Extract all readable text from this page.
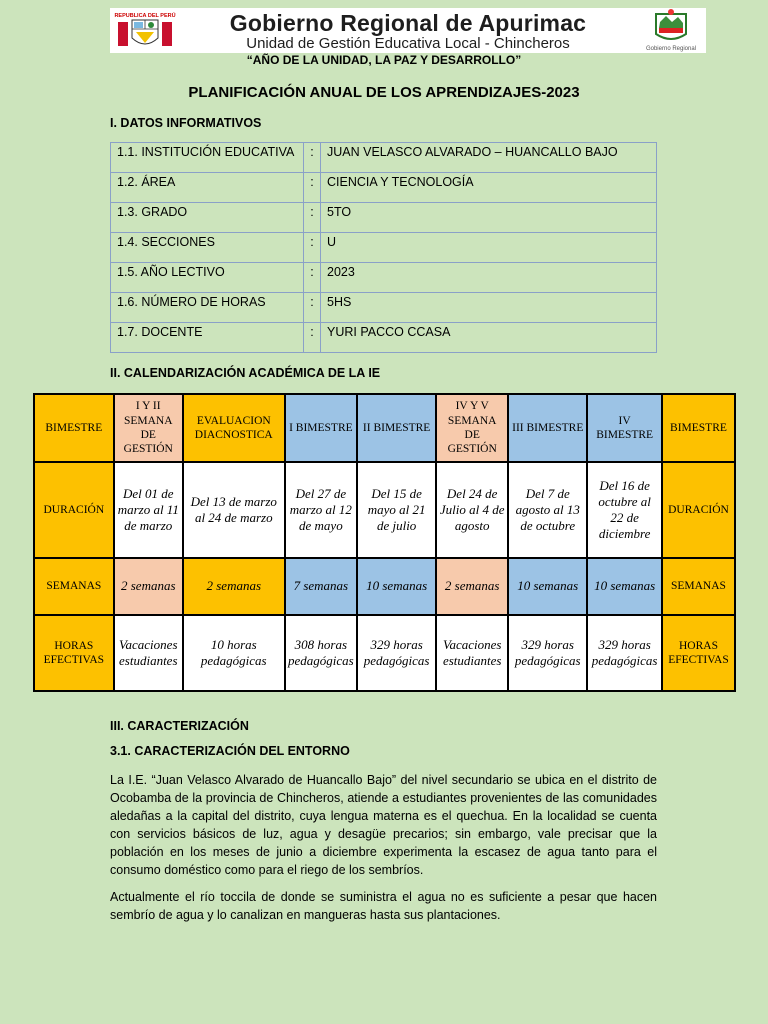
REPUBLICA DEL PERÚ	Gobierno Regional de Apurimac
Unidad de Gestión Educativa Local - Chincheros	Gobierno Regional
“AÑO DE LA UNIDAD, LA PAZ Y DESARROLLO”
PLANIFICACIÓN ANUAL DE LOS APRENDIZAJES-2023
I. DATOS INFORMATIVOS
1.1. INSTITUCIÓN EDUCATIVA	:	JUAN VELASCO ALVARADO – HUANCALLO BAJO
1.2. ÁREA	:	CIENCIA Y TECNOLOGÍA
1.3. GRADO	:	5TO
1.4. SECCIONES	:	U
1.5. AÑO LECTIVO	:	2023
1.6. NÚMERO DE HORAS	:	5HS
1.7. DOCENTE	:	YURI PACCO CCASA
II. CALENDARIZACIÓN ACADÉMICA DE LA IE
BIMESTRE	I Y II SEMANA DE GESTIÓN	EVALUACION DIACNOSTICA	I BIMESTRE	II BIMESTRE	IV Y V SEMANA DE GESTIÓN	III BIMESTRE	IV BIMESTRE	BIMESTRE
DURACIÓN	Del 01 de marzo al 11 de marzo	Del 13 de marzo al 24 de marzo	Del 27 de marzo al 12 de mayo	Del 15 de mayo al 21 de julio	Del 24 de Julio al 4 de agosto	Del 7 de agosto al 13 de octubre	Del 16 de octubre al 22 de diciembre	DURACIÓN
SEMANAS	2 semanas	2 semanas	7 semanas	10 semanas	2 semanas	10 semanas	10 semanas	SEMANAS
HORAS EFECTIVAS	Vacaciones estudiantes	10 horas pedagógicas	308 horas pedagógicas	329 horas pedagógicas	Vacaciones estudiantes	329 horas pedagógicas	329 horas pedagógicas	HORAS EFECTIVAS
III. CARACTERIZACIÓN
3.1. CARACTERIZACIÓN DEL ENTORNO
La I.E. “Juan Velasco Alvarado de Huancallo Bajo” del nivel secundario se ubica en el distrito de Ocobamba de la provincia de Chincheros, atiende a estudiantes provenientes de las comunidades aledañas a la capital del distrito, cuya lengua materna es el quechua. En la localidad se cuenta con servicios básicos de luz, agua y desagüe precarios; sin embargo, vale precisar que la población en los meses de junio a diciembre experimenta la escasez de agua tanto para el consumo doméstico como para el riego de los sembríos.
Actualmente el río toccila de donde se suministra el agua no es suficiente a pesar que hacen sembrío de agua y lo canalizan en mangueras hasta sus plantaciones.
